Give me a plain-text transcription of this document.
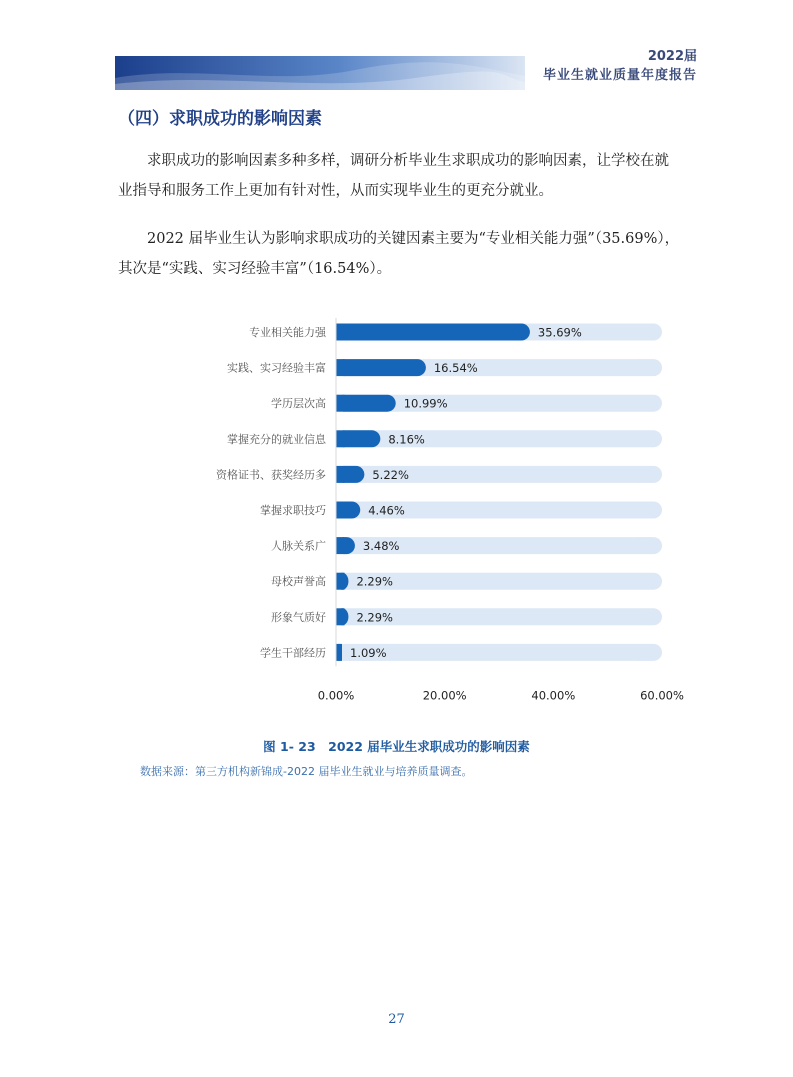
2022届
毕业生就业质量年度报告
（四）求职成功的影响因素
求职成功的影响因素多种多样，调研分析毕业生求职成功的影响因素，让学校在就业指导和服务工作上更加有针对性，从而实现毕业生的更充分就业。
2022 届毕业生认为影响求职成功的关键因素主要为“专业相关能力强”（35.69%），其次是“实践、实习经验丰富”（16.54%）。
专业相关能力强	35.69%
实践、实习经验丰富	16.54%
学历层次高	10.99%
掌握充分的就业信息	8.16%
资格证书、获奖经历多	5.22%
掌握求职技巧	4.46%
人脉关系广	3.48%
母校声誉高	2.29%
形象气质好	2.29%
学生干部经历 1.09%
0.00%	20.00%	40.00%	60.00%
图 1- 23　2022 届毕业生求职成功的影响因素
数据来源：第三方机构新锦成-2022 届毕业生就业与培养质量调查。
27
